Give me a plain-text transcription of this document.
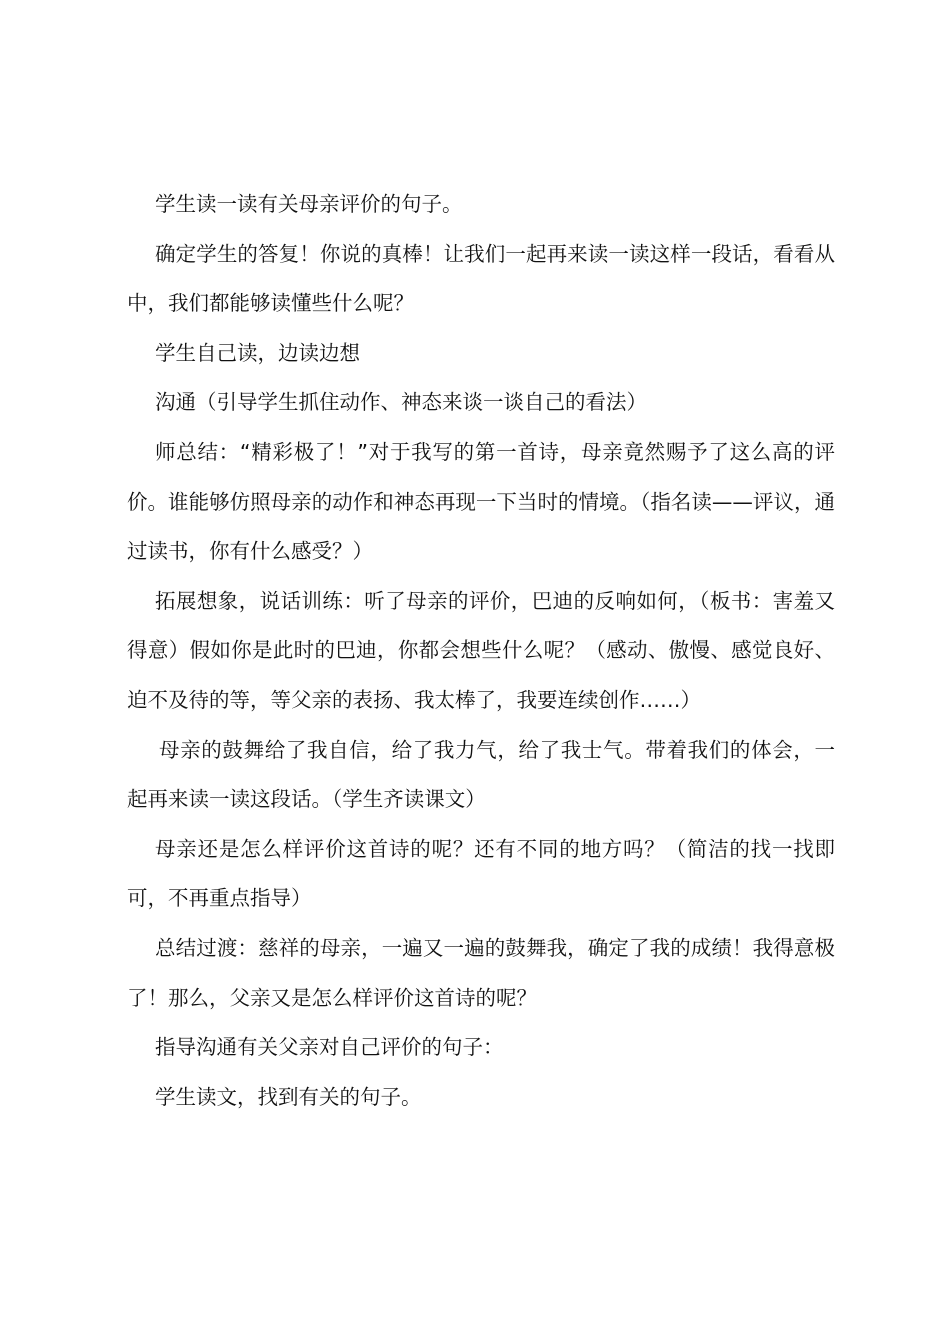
学生读一读有关母亲评价的句子。

确定学生的答复！你说的真棒！让我们一起再来读一读这样一段话，看看从中，我们都能够读懂些什么呢？

学生自己读，边读边想

沟通（引导学生抓住动作、神态来谈一谈自己的看法）

师总结：“精彩极了！”对于我写的第一首诗，母亲竟然赐予了这么高的评价。谁能够仿照母亲的动作和神态再现一下当时的情境。（指名读——评议，通过读书，你有什么感受？）

拓展想象，说话训练：听了母亲的评价，巴迪的反响如何，（板书：害羞又得意）假如你是此时的巴迪，你都会想些什么呢？（感动、傲慢、感觉良好、迫不及待的等，等父亲的表扬、我太棒了，我要连续创作……）

母亲的鼓舞给了我自信，给了我力气，给了我士气。带着我们的体会，一起再来读一读这段话。（学生齐读课文）

母亲还是怎么样评价这首诗的呢？还有不同的地方吗？（简洁的找一找即可，不再重点指导）

总结过渡：慈祥的母亲，一遍又一遍的鼓舞我，确定了我的成绩！我得意极了！那么，父亲又是怎么样评价这首诗的呢？

指导沟通有关父亲对自己评价的句子：

学生读文，找到有关的句子。
